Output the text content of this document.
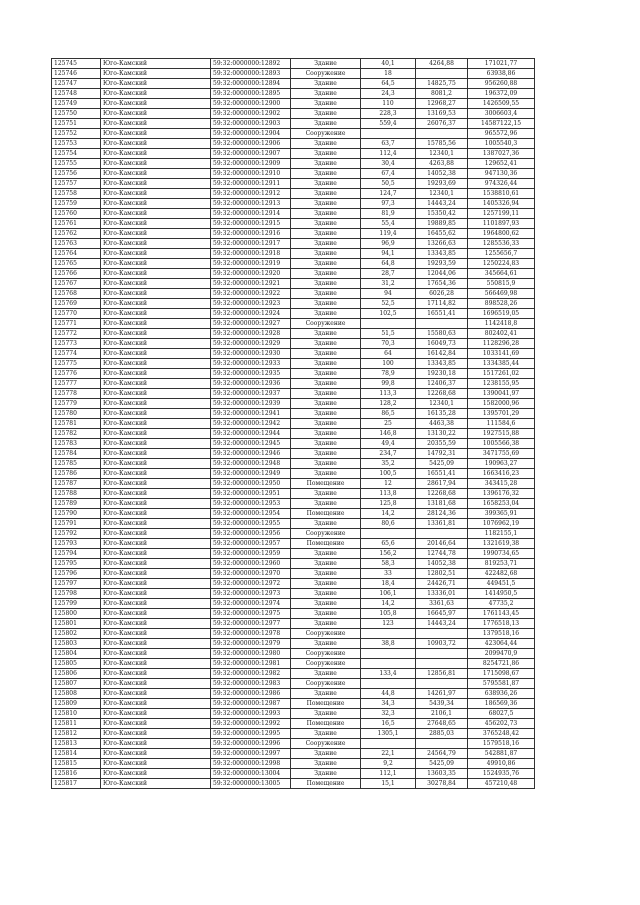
125745	Юго-Камский	59:32:0000000:12892	Здание	40,1	4264,88	171021,77
125746	Юго-Камский	59:32:0000000:12893	Сооружение	18		63938,86
125747	Юго-Камский	59:32:0000000:12894	Здание	64,5	14825,75	956260,88
125748	Юго-Камский	59:32:0000000:12895	Здание	24,3	8081,2	196372,09
125749	Юго-Камский	59:32:0000000:12900	Здание	110	12968,27	1426509,55
125750	Юго-Камский	59:32:0000000:12902	Здание	228,3	13169,53	3006603,4
125751	Юго-Камский	59:32:0000000:12903	Здание	559,4	26076,37	14587122,15
125752	Юго-Камский	59:32:0000000:12904	Сооружение			965572,96
125753	Юго-Камский	59:32:0000000:12906	Здание	63,7	15785,56	1005540,3
125754	Юго-Камский	59:32:0000000:12907	Здание	112,4	12340,1	1387027,36
125755	Юго-Камский	59:32:0000000:12909	Здание	30,4	4263,88	129652,41
125756	Юго-Камский	59:32:0000000:12910	Здание	67,4	14052,38	947130,36
125757	Юго-Камский	59:32:0000000:12911	Здание	50,5	19293,69	974326,44
125758	Юго-Камский	59:32:0000000:12912	Здание	124,7	12340,1	1538810,61
125759	Юго-Камский	59:32:0000000:12913	Здание	97,3	14443,24	1405326,94
125760	Юго-Камский	59:32:0000000:12914	Здание	81,9	15350,42	1257199,11
125761	Юго-Камский	59:32:0000000:12915	Здание	55,4	19889,85	1101897,93
125762	Юго-Камский	59:32:0000000:12916	Здание	119,4	16455,62	1964800,62
125763	Юго-Камский	59:32:0000000:12917	Здание	96,9	13266,63	1285536,33
125764	Юго-Камский	59:32:0000000:12918	Здание	94,1	13343,85	1255656,7
125765	Юго-Камский	59:32:0000000:12919	Здание	64,8	19293,59	1250224,83
125766	Юго-Камский	59:32:0000000:12920	Здание	28,7	12044,06	345664,61
125767	Юго-Камский	59:32:0000000:12921	Здание	31,2	17654,36	550815,9
125768	Юго-Камский	59:32:0000000:12922	Здание	94	6026,28	566469,98
125769	Юго-Камский	59:32:0000000:12923	Здание	52,5	17114,82	898528,26
125770	Юго-Камский	59:32:0000000:12924	Здание	102,5	16551,41	1696519,05
125771	Юго-Камский	59:32:0000000:12927	Сооружение			1142418,8
125772	Юго-Камский	59:32:0000000:12928	Здание	51,5	15580,63	802402,41
125773	Юго-Камский	59:32:0000000:12929	Здание	70,3	16049,73	1128296,28
125774	Юго-Камский	59:32:0000000:12930	Здание	64	16142,84	1033141,69
125775	Юго-Камский	59:32:0000000:12933	Здание	100	13343,85	1334385,44
125776	Юго-Камский	59:32:0000000:12935	Здание	78,9	19230,18	1517261,02
125777	Юго-Камский	59:32:0000000:12936	Здание	99,8	12406,37	1238155,95
125778	Юго-Камский	59:32:0000000:12937	Здание	113,3	12268,68	1390041,97
125779	Юго-Камский	59:32:0000000:12939	Здание	128,2	12340,1	1582000,96
125780	Юго-Камский	59:32:0000000:12941	Здание	86,5	16135,28	1395701,29
125781	Юго-Камский	59:32:0000000:12942	Здание	25	4463,38	111584,6
125782	Юго-Камский	59:32:0000000:12944	Здание	146,8	13130,22	1927515,88
125783	Юго-Камский	59:32:0000000:12945	Здание	49,4	20355,59	1005566,38
125784	Юго-Камский	59:32:0000000:12946	Здание	234,7	14792,31	3471755,69
125785	Юго-Камский	59:32:0000000:12948	Здание	35,2	5425,09	190963,27
125786	Юго-Камский	59:32:0000000:12949	Здание	100,5	16551,41	1663416,23
125787	Юго-Камский	59:32:0000000:12950	Помещение	12	28617,94	343415,28
125788	Юго-Камский	59:32:0000000:12951	Здание	113,8	12268,68	1396176,32
125789	Юго-Камский	59:32:0000000:12953	Здание	125,8	13181,68	1658253,04
125790	Юго-Камский	59:32:0000000:12954	Помещение	14,2	28124,36	399365,91
125791	Юго-Камский	59:32:0000000:12955	Здание	80,6	13361,81	1076962,19
125792	Юго-Камский	59:32:0000000:12956	Сооружение			1182155,1
125793	Юго-Камский	59:32:0000000:12957	Помещение	65,6	20146,64	1321619,38
125794	Юго-Камский	59:32:0000000:12959	Здание	156,2	12744,78	1990734,65
125795	Юго-Камский	59:32:0000000:12960	Здание	58,3	14052,38	819253,71
125796	Юго-Камский	59:32:0000000:12970	Здание	33	12802,51	422482,68
125797	Юго-Камский	59:32:0000000:12972	Здание	18,4	24426,71	449451,5
125798	Юго-Камский	59:32:0000000:12973	Здание	106,1	13336,01	1414950,5
125799	Юго-Камский	59:32:0000000:12974	Здание	14,2	3361,63	47735,2
125800	Юго-Камский	59:32:0000000:12975	Здание	105,8	16645,97	1761143,45
125801	Юго-Камский	59:32:0000000:12977	Здание	123	14443,24	1776518,13
125802	Юго-Камский	59:32:0000000:12978	Сооружение			1379518,16
125803	Юго-Камский	59:32:0000000:12979	Здание	38,8	10903,72	423064,44
125804	Юго-Камский	59:32:0000000:12980	Сооружение			2099470,9
125805	Юго-Камский	59:32:0000000:12981	Сооружение			8254721,86
125806	Юго-Камский	59:32:0000000:12982	Здание	133,4	12856,81	1715098,67
125807	Юго-Камский	59:32:0000000:12983	Сооружение			5795581,87
125808	Юго-Камский	59:32:0000000:12986	Здание	44,8	14261,97	638936,26
125809	Юго-Камский	59:32:0000000:12987	Помещение	34,3	5439,34	186569,36
125810	Юго-Камский	59:32:0000000:12993	Здание	32,3	2106,1	68027,5
125811	Юго-Камский	59:32:0000000:12992	Помещение	16,5	27648,65	456202,73
125812	Юго-Камский	59:32:0000000:12995	Здание	1305,1	2885,03	3765248,42
125813	Юго-Камский	59:32:0000000:12996	Сооружение			1579518,16
125814	Юго-Камский	59:32:0000000:12997	Здание	22,1	24564,79	542881,87
125815	Юго-Камский	59:32:0000000:12998	Здание	9,2	5425,09	49910,86
125816	Юго-Камский	59:32:0000000:13004	Здание	112,1	13603,35	1524935,76
125817	Юго-Камский	59:32:0000000:13005	Помещение	15,1	30278,84	457210,48
